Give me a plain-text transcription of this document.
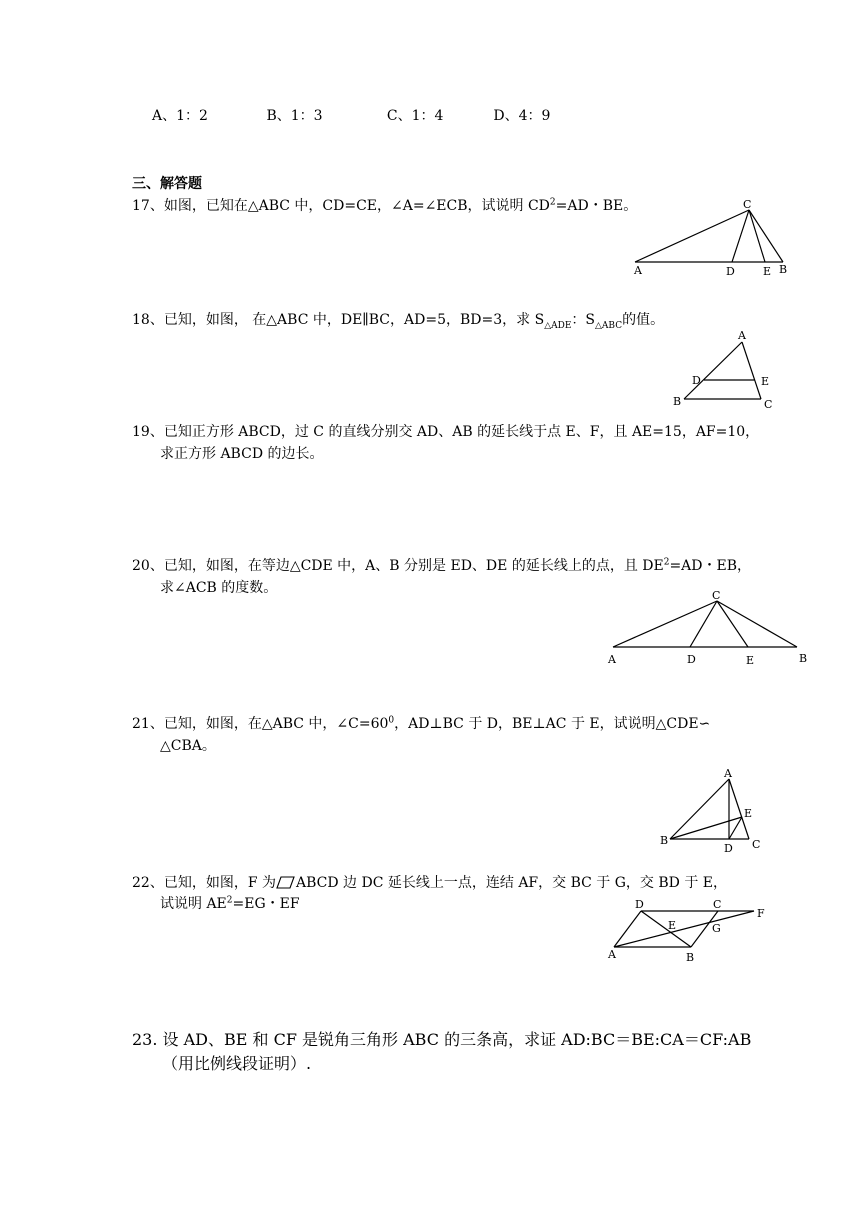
A、1：2	B、1：3	C、1：4	D、4：9
三、解答题
17、如图，已知在△ABC 中，CD=CE，∠A=∠ECB，试说明 $CD^2=AD$・BE。	C
A	D	E B
18、已知，如图， 在△ABC 中，DE∥BC，AD=5，BD=3，求 $S_{\triangle ADE}$：$S_{\triangle ABC}$的值。
A
D	E
B	C
19、已知正方形 ABCD，过 C 的直线分别交 AD、AB 的延长线于点 E、F，且 AE=15，AF=10，
求正方形 ABCD 的边长。
20、已知，如图，在等边△CDE 中，A、B 分别是 ED、DE 的延长线上的点，且 $DE^2=AD$・EB，
求∠ACB 的度数。	C
A	D	E	B
21、已知，如图，在△ABC 中，$\angle C=60^0$，AD⊥BC 于 D，BE⊥AC 于 E，试说明△CDE∽
△CBA。
A
E
B
D C
22、已知，如图，F 为 ABCD 边 DC 延长线上一点，连结 AF，交 BC 于 G，交 BD 于 E，
试说明 $AE^2=EG$・EF	D	C
F
E	G
A	B
23. 设 AD、BE 和 CF 是锐角三角形 ABC 的三条高，求证 AD:BC＝BE:CA＝CF:AB
（用比例线段证明）.
